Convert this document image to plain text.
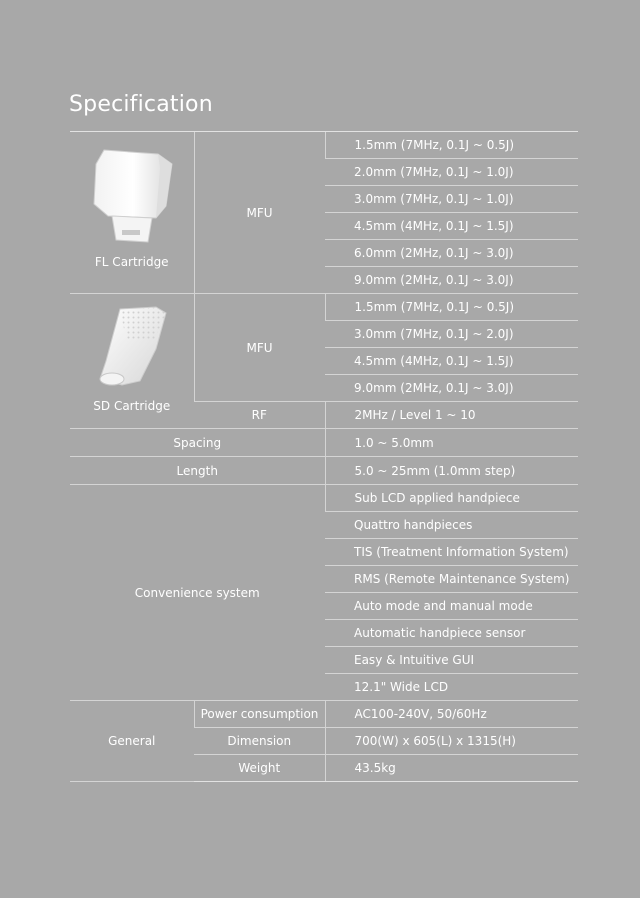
Specification
FL Cartridge	MFU	1.5mm (7MHz, 0.1J ~ 0.5J)
		2.0mm (7MHz, 0.1J ~ 1.0J)
		3.0mm (7MHz, 0.1J ~ 1.0J)
		4.5mm (4MHz, 0.1J ~ 1.5J)
		6.0mm (2MHz, 0.1J ~ 3.0J)
		9.0mm (2MHz, 0.1J ~ 3.0J)

SD Cartridge	MFU	1.5mm (7MHz, 0.1J ~ 0.5J)
		3.0mm (7MHz, 0.1J ~ 2.0J)
		4.5mm (4MHz, 0.1J ~ 1.5J)
		9.0mm (2MHz, 0.1J ~ 3.0J)
	RF	2MHz / Level 1 ~ 10
Spacing		1.0 ~ 5.0mm
Length		5.0 ~ 25mm (1.0mm step)
Convenience system		Sub LCD applied handpiece
		Quattro handpieces
		TIS (Treatment Information System)
		RMS (Remote Maintenance System)
		Auto mode and manual mode
		Automatic handpiece sensor
		Easy & Intuitive GUI
		12.1" Wide LCD
General	Power consumption	AC100-240V, 50/60Hz
	Dimension	700(W) x 605(L) x 1315(H)
	Weight	43.5kg
